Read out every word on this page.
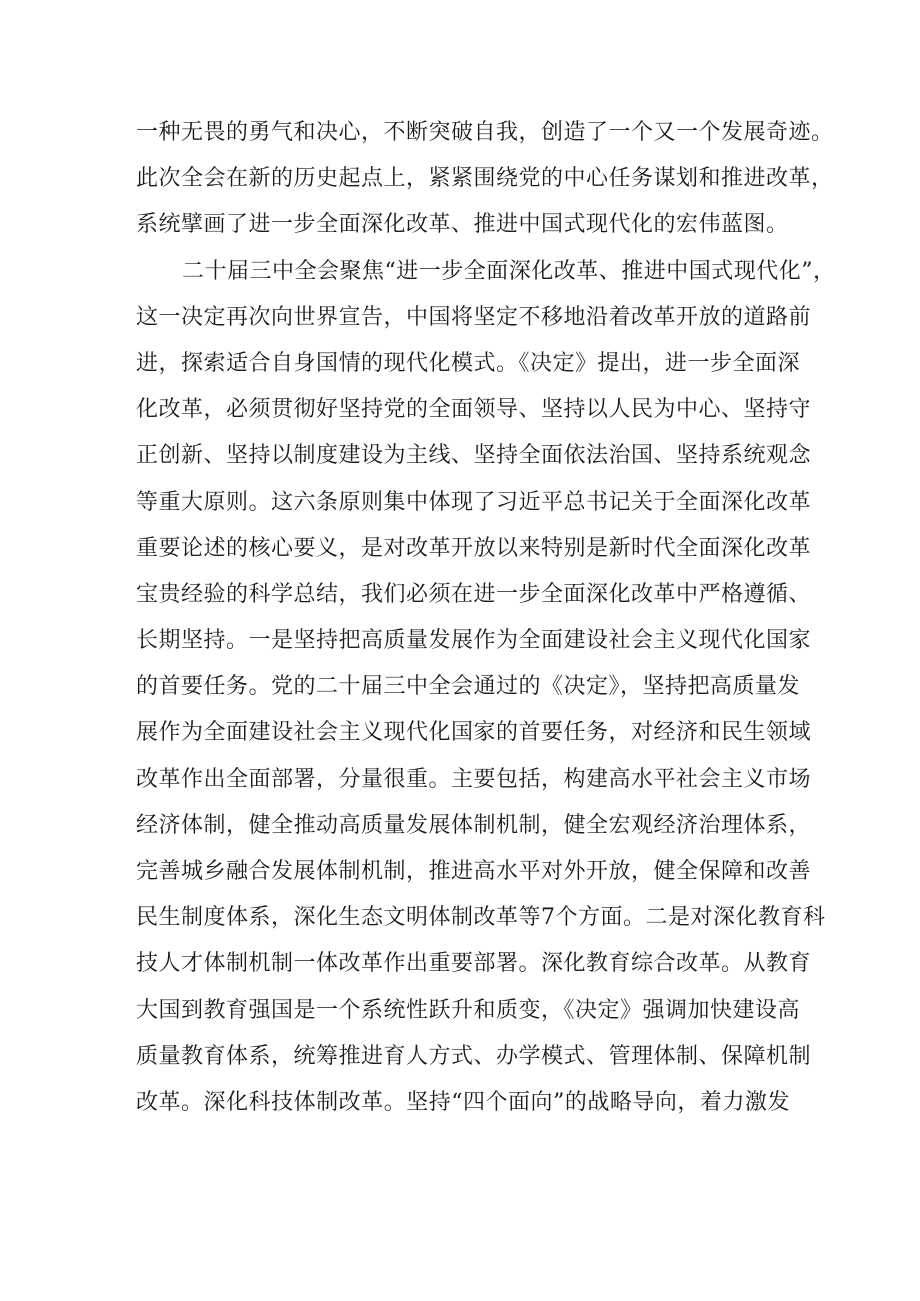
一种无畏的勇气和决心，不断突破自我，创造了一个又一个发展奇迹。
此次全会在新的历史起点上，紧紧围绕党的中心任务谋划和推进改革，
系统擘画了进一步全面深化改革、推进中国式现代化的宏伟蓝图。
二十届三中全会聚焦“进一步全面深化改革、推进中国式现代化”，
这一决定再次向世界宣告，中国将坚定不移地沿着改革开放的道路前
进，探索适合自身国情的现代化模式。《决定》提出，进一步全面深
化改革，必须贯彻好坚持党的全面领导、坚持以人民为中心、坚持守
正创新、坚持以制度建设为主线、坚持全面依法治国、坚持系统观念
等重大原则。这六条原则集中体现了习近平总书记关于全面深化改革
重要论述的核心要义，是对改革开放以来特别是新时代全面深化改革
宝贵经验的科学总结，我们必须在进一步全面深化改革中严格遵循、
长期坚持。一是坚持把高质量发展作为全面建设社会主义现代化国家
的首要任务。党的二十届三中全会通过的《决定》，坚持把高质量发
展作为全面建设社会主义现代化国家的首要任务，对经济和民生领域
改革作出全面部署，分量很重。主要包括，构建高水平社会主义市场
经济体制，健全推动高质量发展体制机制，健全宏观经济治理体系，
完善城乡融合发展体制机制，推进高水平对外开放，健全保障和改善
民生制度体系，深化生态文明体制改革等7个方面。二是对深化教育科
技人才体制机制一体改革作出重要部署。深化教育综合改革。从教育
大国到教育强国是一个系统性跃升和质变，《决定》强调加快建设高
质量教育体系，统筹推进育人方式、办学模式、管理体制、保障机制
改革。深化科技体制改革。坚持“四个面向”的战略导向，着力激发
